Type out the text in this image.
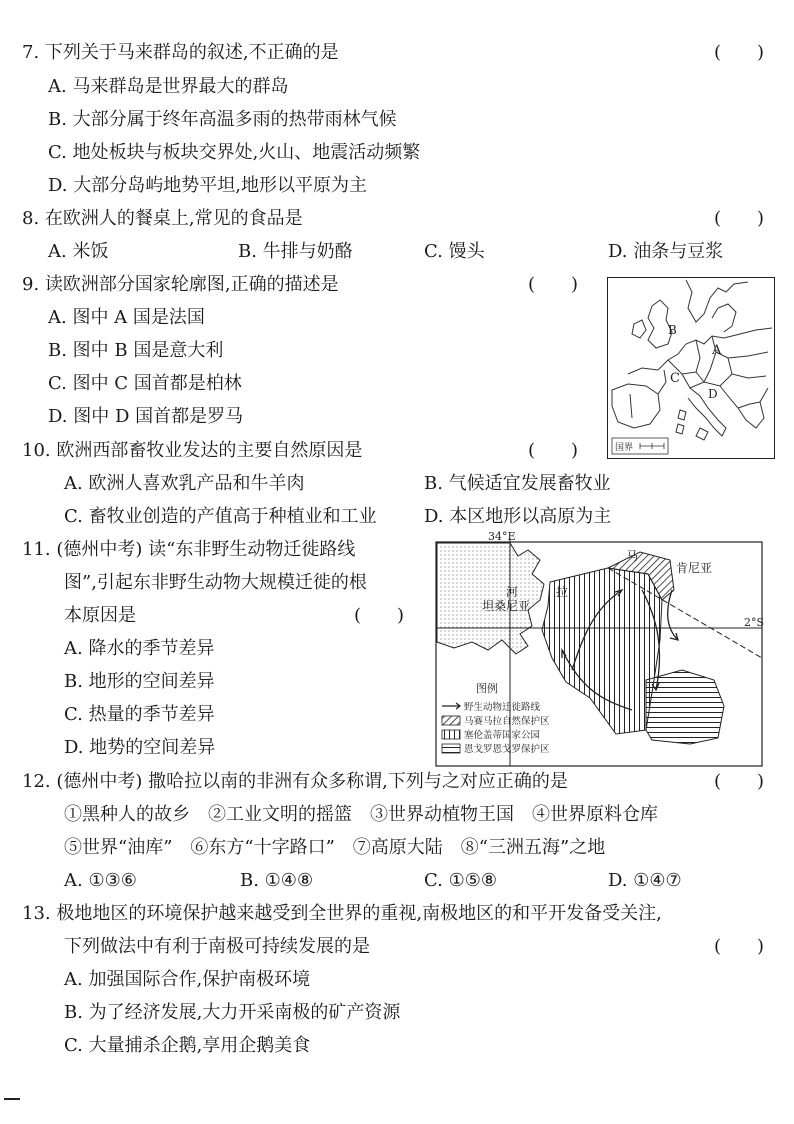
7. 下列关于马来群岛的叙述,不正确的是	(　　)
A. 马来群岛是世界最大的群岛
B. 大部分属于终年高温多雨的热带雨林气候
C. 地处板块与板块交界处,火山、地震活动频繁
D. 大部分岛屿地势平坦,地形以平原为主
8. 在欧洲人的餐桌上,常见的食品是	(　　)
A. 米饭	B. 牛排与奶酪	C. 馒头	D. 油条与豆浆
9. 读欧洲部分国家轮廓图,正确的描述是	(　　)
A. 图中 A 国是法国
B. 图中 B 国是意大利
C. 图中 C 国首都是柏林
D. 图中 D 国首都是罗马
B
A
C
D
国界
10. 欧洲西部畜牧业发达的主要自然原因是	(　　)
A. 欧洲人喜欢乳产品和牛羊肉	B. 气候适宜发展畜牧业
C. 畜牧业创造的产值高于种植业和工业	D. 本区地形以高原为主
11. (德州中考) 读“东非野生动物迁徙路线
图”,引起东非野生动物大规模迁徙的根
本原因是	(　　)
A. 降水的季节差异
B. 地形的空间差异
C. 热量的季节差异
D. 地势的空间差异
34°E
2°S
肯尼亚
坦桑尼亚
马
河	拉
图例
野生动物迁徙路线
马赛马拉自然保护区
塞伦盖蒂国家公园
恩戈罗恩戈罗保护区
12. (德州中考) 撒哈拉以南的非洲有众多称谓,下列与之对应正确的是	(　　)
①黑种人的故乡　②工业文明的摇篮　③世界动植物王国　④世界原料仓库
⑤世界“油库”　⑥东方“十字路口”　⑦高原大陆　⑧“三洲五海”之地
A. ①③⑥	B. ①④⑧	C. ①⑤⑧	D. ①④⑦
13. 极地地区的环境保护越来越受到全世界的重视,南极地区的和平开发备受关注,
下列做法中有利于南极可持续发展的是	(　　)
A. 加强国际合作,保护南极环境
B. 为了经济发展,大力开采南极的矿产资源
C. 大量捕杀企鹅,享用企鹅美食
